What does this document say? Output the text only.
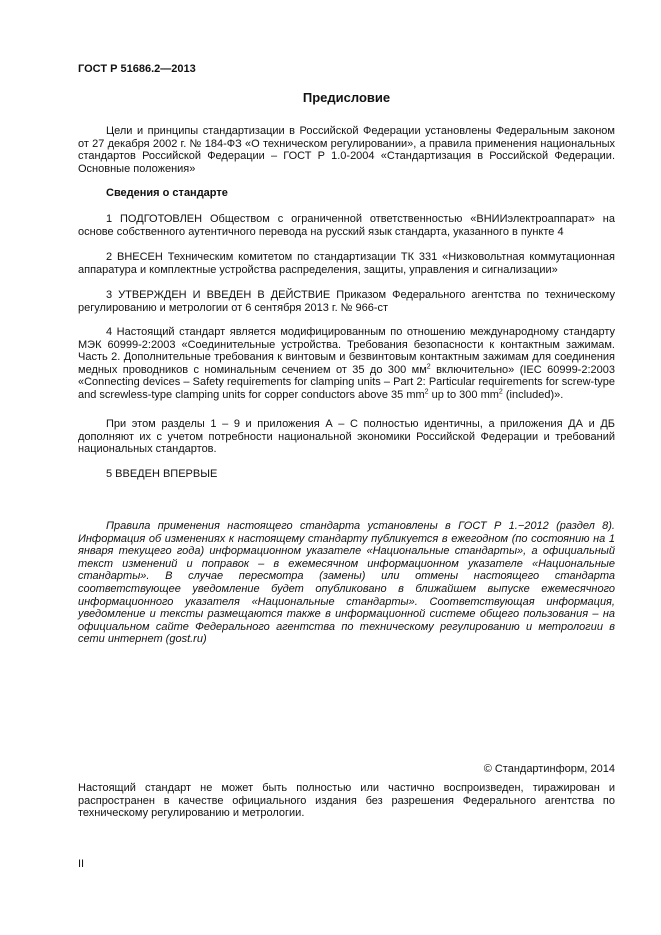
ГОСТ Р 51686.2—2013
Предисловие

Цели и принципы стандартизации в Российской Федерации установлены Федеральным законом от 27 декабря 2002 г. № 184-ФЗ «О техническом регулировании», а правила применения национальных стандартов Российской Федерации – ГОСТ Р 1.0-2004 «Стандартизация в Российской Федерации. Основные положения»

Сведения о стандарте

1 ПОДГОТОВЛЕН Обществом с ограниченной ответственностью «ВНИИэлектроаппарат» на основе собственного аутентичного перевода на русский язык стандарта, указанного в пункте 4

2 ВНЕСЕН Техническим комитетом по стандартизации ТК 331 «Низковольтная коммутационная аппаратура и комплектные устройства распределения, защиты, управления и сигнализации»

3 УТВЕРЖДЕН И ВВЕДЕН В ДЕЙСТВИЕ Приказом Федерального агентства по техническому регулированию и метрологии от 6 сентября 2013 г. № 966-ст

4 Настоящий стандарт является модифицированным по отношению международному стандарту МЭК 60999-2:2003 «Соединительные устройства. Требования безопасности к контактным зажимам. Часть 2. Дополнительные требования к винтовым и безвинтовым контактным зажимам для соединения медных проводников с номинальным сечением от 35 до 300 $мм^2$ включительно» (IEC 60999-2:2003 «Connecting devices – Safety requirements for clamping units – Part 2: Particular requirements for screw-type and screwless-type clamping units for copper conductors above 35 $mm^2$ up to 300 $mm^2$ (included)».

При этом разделы 1 – 9 и приложения А – С полностью идентичны, а приложения ДА и ДБ дополняют их с учетом потребности национальной экономики Российской Федерации и требований национальных стандартов.

5 ВВЕДЕН ВПЕРВЫЕ

Правила применения настоящего стандарта установлены в ГОСТ Р 1.−2012 (раздел 8). Информация об изменениях к настоящему стандарту публикуется в ежегодном (по состоянию на 1 января текущего года) информационном указателе «Национальные стандарты», а официальный текст изменений и поправок – в ежемесячном информационном указателе «Национальные стандарты». В случае пересмотра (замены) или отмены настоящего стандарта соответствующее уведомление будет опубликовано в ближайшем выпуске ежемесячного информационного указателя «Национальные стандарты». Соответствующая информация, уведомление и тексты размещаются также в информационной системе общего пользования – на официальном сайте Федерального агентства по техническому регулированию и метрологии в сети интернет (gost.ru)

© Стандартинформ, 2014

Настоящий стандарт не может быть полностью или частично воспроизведен, тиражирован и распространен в качестве официального издания без разрешения Федерального агентства по техническому регулированию и метрологии.

II
